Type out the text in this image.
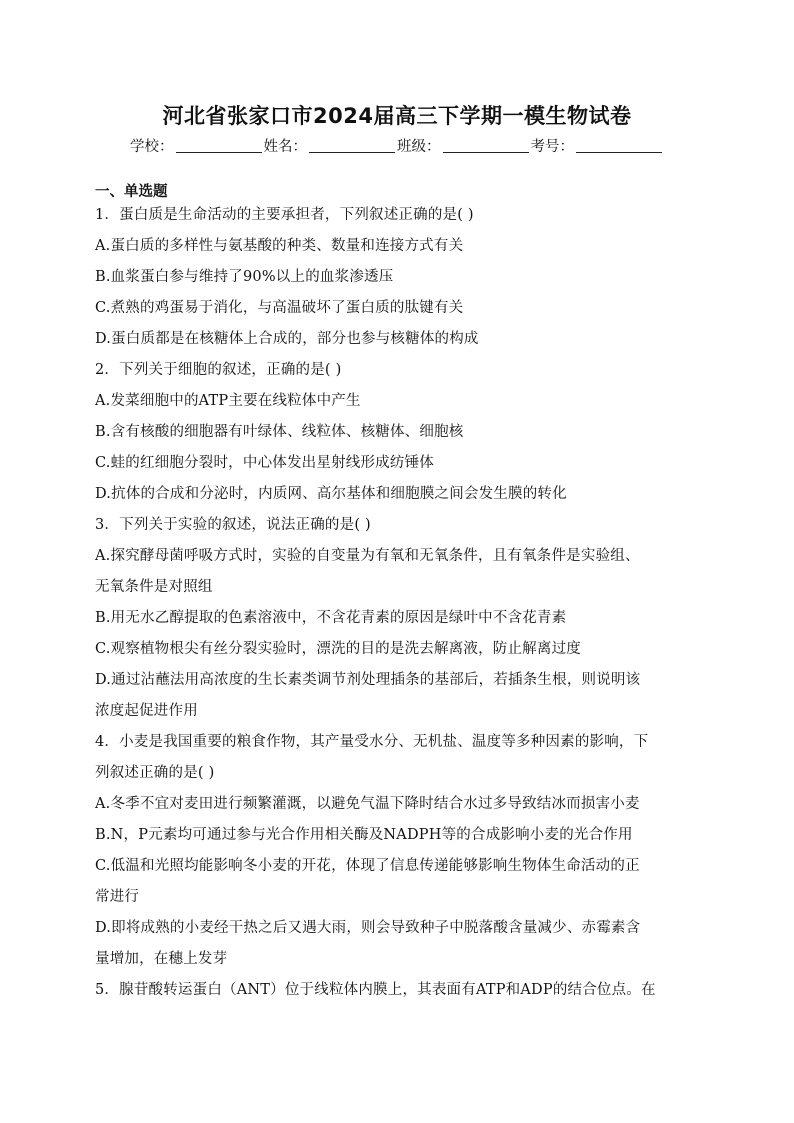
河北省张家口市2024届高三下学期一模生物试卷
学校：	姓名：	班级：	考号：
一、单选题
1．蛋白质是生命活动的主要承担者，下列叙述正确的是( )
A.蛋白质的多样性与氨基酸的种类、数量和连接方式有关
B.血浆蛋白参与维持了90%以上的血浆渗透压
C.煮熟的鸡蛋易于消化，与高温破坏了蛋白质的肽键有关
D.蛋白质都是在核糖体上合成的，部分也参与核糖体的构成
2．下列关于细胞的叙述，正确的是( )
A.发菜细胞中的ATP主要在线粒体中产生
B.含有核酸的细胞器有叶绿体、线粒体、核糖体、细胞核
C.蛙的红细胞分裂时，中心体发出星射线形成纺锤体
D.抗体的合成和分泌时，内质网、高尔基体和细胞膜之间会发生膜的转化
3．下列关于实验的叙述，说法正确的是( )
A.探究酵母菌呼吸方式时，实验的自变量为有氧和无氧条件，且有氧条件是实验组、
无氧条件是对照组
B.用无水乙醇提取的色素溶液中，不含花青素的原因是绿叶中不含花青素
C.观察植物根尖有丝分裂实验时，漂洗的目的是洗去解离液，防止解离过度
D.通过沾蘸法用高浓度的生长素类调节剂处理插条的基部后，若插条生根，则说明该
浓度起促进作用
4．小麦是我国重要的粮食作物，其产量受水分、无机盐、温度等多种因素的影响，下
列叙述正确的是( )
A.冬季不宜对麦田进行频繁灌溉，以避免气温下降时结合水过多导致结冰而损害小麦
B.N，P元素均可通过参与光合作用相关酶及NADPH等的合成影响小麦的光合作用
C.低温和光照均能影响冬小麦的开花，体现了信息传递能够影响生物体生命活动的正
常进行
D.即将成熟的小麦经干热之后又遇大雨，则会导致种子中脱落酸含量减少、赤霉素含
量增加，在穗上发芽
5．腺苷酸转运蛋白（ANT）位于线粒体内膜上，其表面有ATP和ADP的结合位点。在
